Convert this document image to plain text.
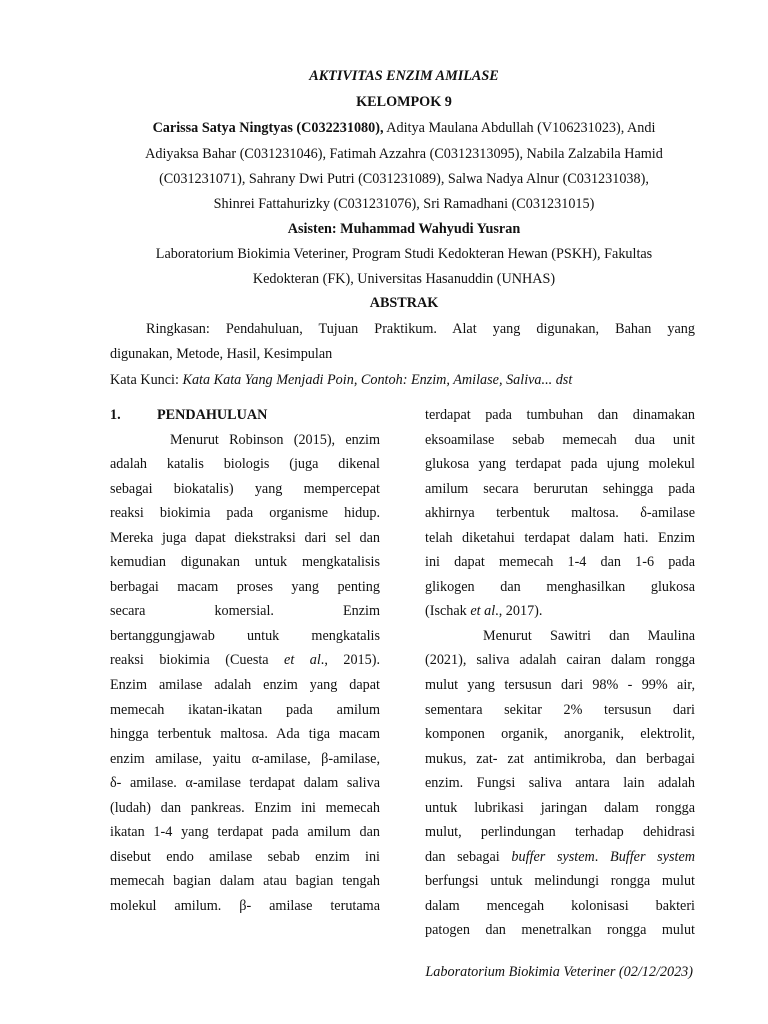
AKTIVITAS ENZIM AMILASE
KELOMPOK 9
Carissa Satya Ningtyas (C032231080), Aditya Maulana Abdullah (V106231023), Andi
Adiyaksa Bahar (C031231046), Fatimah Azzahra (C0312313095), Nabila Zalzabila Hamid
(C031231071), Sahrany Dwi Putri (C031231089), Salwa Nadya Alnur (C031231038),
Shinrei Fattahurizky (C031231076), Sri Ramadhani (C031231015)
Asisten: Muhammad Wahyudi Yusran
Laboratorium Biokimia Veteriner, Program Studi Kedokteran Hewan (PSKH), Fakultas
Kedokteran (FK), Universitas Hasanuddin (UNHAS)
ABSTRAK
Ringkasan: Pendahuluan, Tujuan Praktikum. Alat yang digunakan, Bahan yang
digunakan, Metode, Hasil, Kesimpulan
Kata Kunci: Kata Kata Yang Menjadi Poin, Contoh: Enzim, Amilase, Saliva... dst
1.	PENDAHULUAN
Menurut Robinson (2015), enzim
adalah katalis biologis (juga dikenal
sebagai biokatalis) yang mempercepat
reaksi biokimia pada organisme hidup.
Mereka juga dapat diekstraksi dari sel dan
kemudian digunakan untuk mengkatalisis
berbagai macam proses yang penting
secara komersial. Enzim
bertanggungjawab untuk mengkatalis
reaksi biokimia (Cuesta et al., 2015).
Enzim amilase adalah enzim yang dapat
memecah ikatan-ikatan pada amilum
hingga terbentuk maltosa. Ada tiga macam
enzim amilase, yaitu α-amilase, β-amilase,
δ- amilase. α-amilase terdapat dalam saliva
(ludah) dan pankreas. Enzim ini memecah
ikatan 1-4 yang terdapat pada amilum dan
disebut endo amilase sebab enzim ini
memecah bagian dalam atau bagian tengah
molekul amilum. β- amilase terutama
terdapat pada tumbuhan dan dinamakan
eksoamilase sebab memecah dua unit
glukosa yang terdapat pada ujung molekul
amilum secara berurutan sehingga pada
akhirnya terbentuk maltosa. δ-amilase
telah diketahui terdapat dalam hati. Enzim
ini dapat memecah 1-4 dan 1-6 pada
glikogen dan menghasilkan glukosa
(Ischak et al., 2017).
Menurut Sawitri dan Maulina
(2021), saliva adalah cairan dalam rongga
mulut yang tersusun dari 98% - 99% air,
sementara sekitar 2% tersusun dari
komponen organik, anorganik, elektrolit,
mukus, zat- zat antimikroba, dan berbagai
enzim. Fungsi saliva antara lain adalah
untuk lubrikasi jaringan dalam rongga
mulut, perlindungan terhadap dehidrasi
dan sebagai buffer system. Buffer system
berfungsi untuk melindungi rongga mulut
dalam mencegah kolonisasi bakteri
patogen dan menetralkan rongga mulut
Laboratorium Biokimia Veteriner (02/12/2023)
